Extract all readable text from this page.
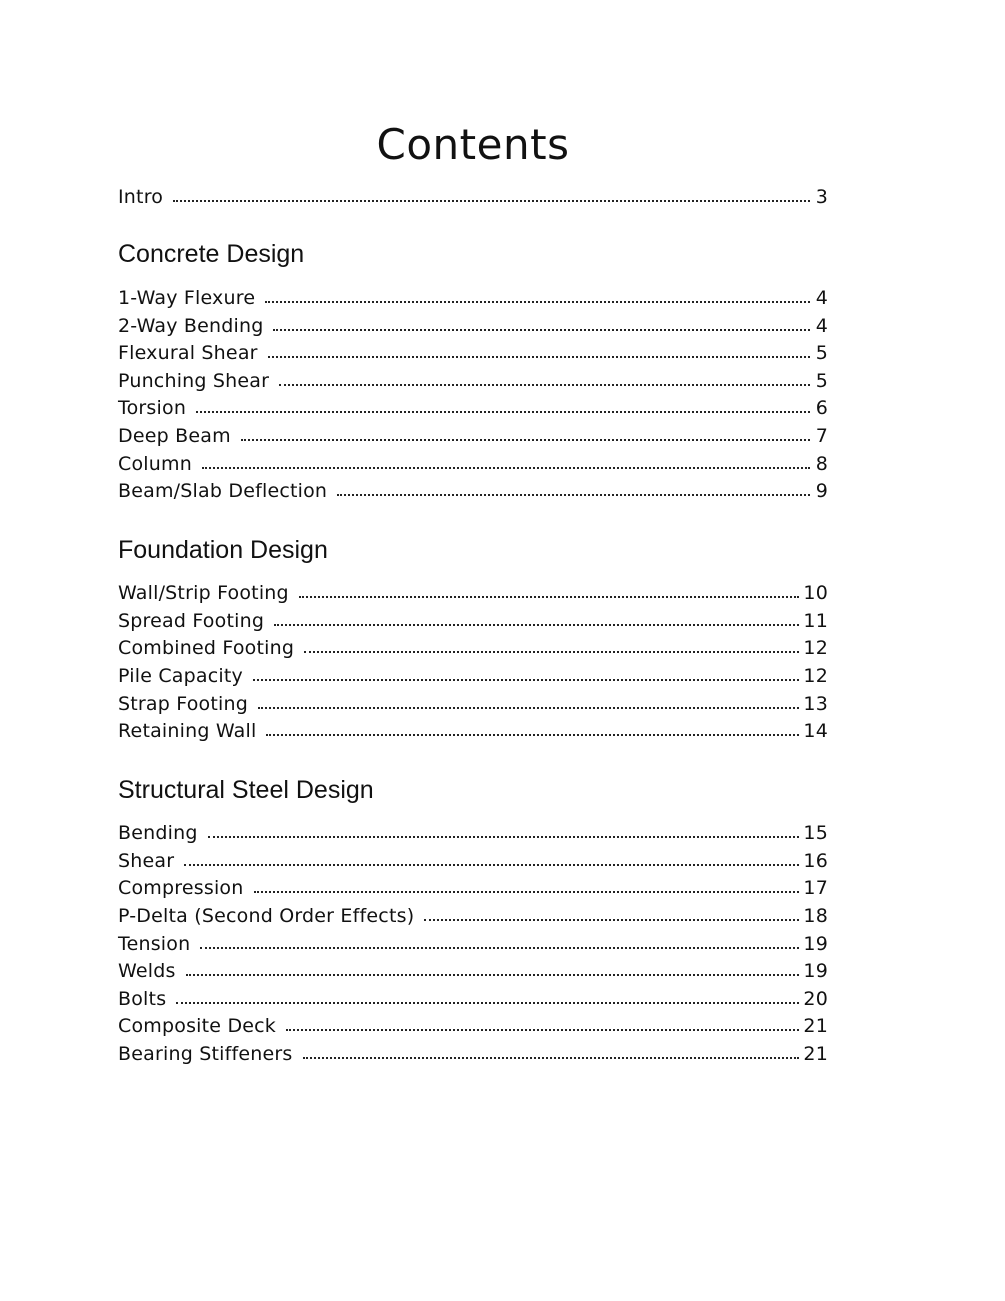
Contents
Intro	3
Concrete Design
1-Way Flexure	4
2-Way Bending	4
Flexural Shear	5
Punching Shear	5
Torsion	6
Deep Beam	7
Column	8
Beam/Slab Deflection	9
Foundation Design
Wall/Strip Footing	10
Spread Footing	11
Combined Footing	12
Pile Capacity	12
Strap Footing	13
Retaining Wall	14
Structural Steel Design
Bending	15
Shear	16
Compression	17
P-Delta (Second Order Effects)	18
Tension	19
Welds	19
Bolts	20
Composite Deck	21
Bearing Stiffeners	21
